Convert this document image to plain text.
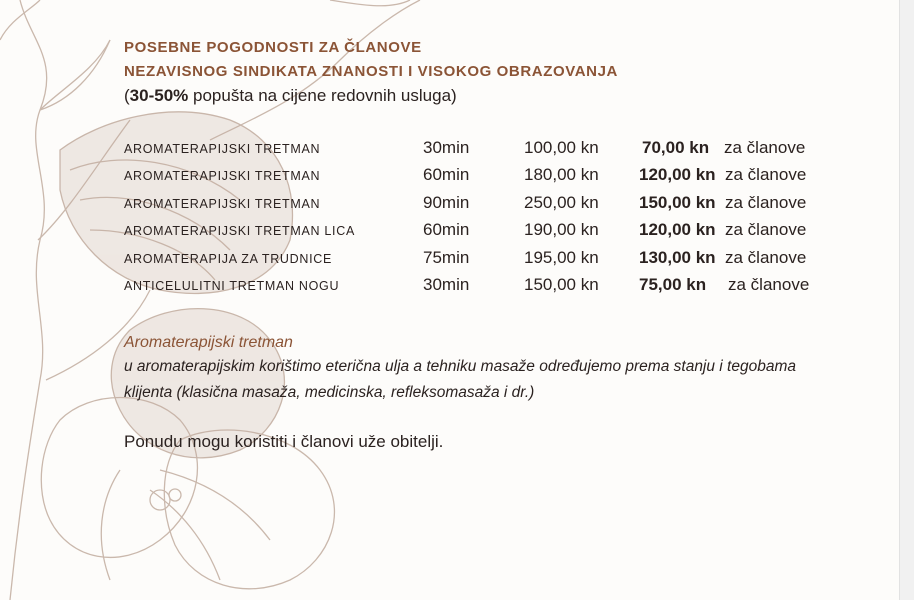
POSEBNE POGODNOSTI ZA ČLANOVE

NEZAVISNOG SINDIKATA ZNANOSTI I VISOKOG OBRAZOVANJA

(30-50% popušta na cijene redovnih usluga)
AROMATERAPIJSKI TRETMAN	30min	100,00 kn	70,00 kn za članove
AROMATERAPIJSKI TRETMAN	60min	180,00 kn 120,00 kn za članove
AROMATERAPIJSKI TRETMAN	90min	250,00 kn 150,00 kn za članove
AROMATERAPIJSKI TRETMAN LICA	60min	190,00 kn 120,00 kn za članove
AROMATERAPIJA ZA TRUDNICE	75min	195,00 kn 130,00 kn za članove
ANTICELULITNI TRETMAN NOGU	30min	150,00 kn 75,00 kn za članove
Aromaterapijski tretman
u aromaterapijskim korištimo eterična ulja a tehniku masaže određujemo prema stanju i tegobama
klijenta (klasična masaža, medicinska, refleksomasaža i dr.)
Ponudu mogu koristiti i članovi uže obitelji.
